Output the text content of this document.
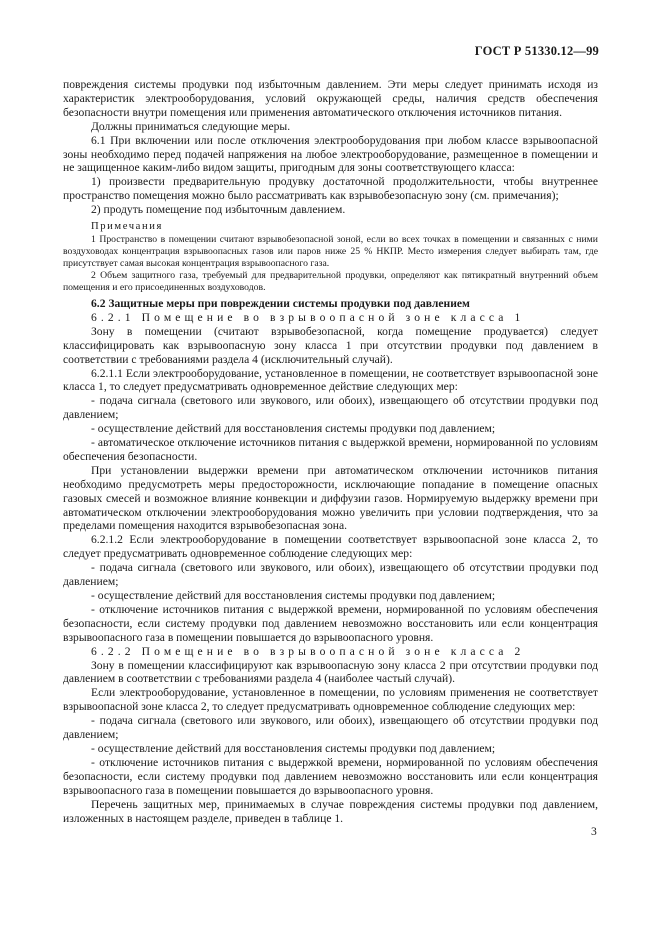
ГОСТ Р 51330.12—99

повреждения системы продувки под избыточным давлением. Эти меры следует принимать исходя из характеристик электрооборудования, условий окружающей среды, наличия средств обеспечения безопасности внутри помещения или применения автоматического отключения источников питания.

Должны приниматься следующие меры.

6.1 При включении или после отключения электрооборудования при любом классе взрывоопасной зоны необходимо перед подачей напряжения на любое электрооборудование, размещенное в помещении и не защищенное каким-либо видом защиты, пригодным для зоны соответствующего класса:

1) произвести предварительную продувку достаточной продолжительности, чтобы внутреннее пространство помещения можно было рассматривать как взрывобезопасную зону (см. примечания);

2) продуть помещение под избыточным давлением.

Примечания

1 Пространство в помещении считают взрывобезопасной зоной, если во всех точках в помещении и связанных с ними воздуховодах концентрация взрывоопасных газов или паров ниже 25 % НКПР. Место измерения следует выбирать там, где присутствует самая высокая концентрация взрывоопасного газа.

2 Объем защитного газа, требуемый для предварительной продувки, определяют как пятикратный внутренний объем помещения и его присоединенных воздуховодов.

6.2 Защитные меры при повреждении системы продувки под давлением

6.2.1 Помещение во взрывоопасной зоне класса 1

Зону в помещении (считают взрывобезопасной, когда помещение продувается) следует классифицировать как взрывоопасную зону класса 1 при отсутствии продувки под давлением в соответствии с требованиями раздела 4 (исключительный случай).

6.2.1.1 Если электрооборудование, установленное в помещении, не соответствует взрывоопасной зоне класса 1, то следует предусматривать одновременное действие следующих мер:

- подача сигнала (светового или звукового, или обоих), извещающего об отсутствии продувки под давлением;

- осуществление действий для восстановления системы продувки под давлением;

- автоматическое отключение источников питания с выдержкой времени, нормированной по условиям обеспечения безопасности.

При установлении выдержки времени при автоматическом отключении источников питания необходимо предусмотреть меры предосторожности, исключающие попадание в помещение опасных газовых смесей и возможное влияние конвекции и диффузии газов. Нормируемую выдержку времени при автоматическом отключении электрооборудования можно увеличить при условии подтверждения, что за пределами помещения находится взрывобезопасная зона.

6.2.1.2 Если электрооборудование в помещении соответствует взрывоопасной зоне класса 2, то следует предусматривать одновременное соблюдение следующих мер:

- подача сигнала (светового или звукового, или обоих), извещающего об отсутствии продувки под давлением;

- осуществление действий для восстановления системы продувки под давлением;

- отключение источников питания с выдержкой времени, нормированной по условиям обеспечения безопасности, если систему продувки под давлением невозможно восстановить или если концентрация взрывоопасного газа в помещении повышается до взрывоопасного уровня.

6.2.2 Помещение во взрывоопасной зоне класса 2

Зону в помещении классифицируют как взрывоопасную зону класса 2 при отсутствии продувки под давлением в соответствии с требованиями раздела 4 (наиболее частый случай).

Если электрооборудование, установленное в помещении, по условиям применения не соответствует взрывоопасной зоне класса 2, то следует предусматривать одновременное соблюдение следующих мер:

- подача сигнала (светового или звукового, или обоих), извещающего об отсутствии продувки под давлением;

- осуществление действий для восстановления системы продувки под давлением;

- отключение источников питания с выдержкой времени, нормированной по условиям обеспечения безопасности, если систему продувки под давлением невозможно восстановить или если концентрация взрывоопасного газа в помещении повышается до взрывоопасного уровня.

Перечень защитных мер, принимаемых в случае повреждения системы продувки под давлением, изложенных в настоящем разделе, приведен в таблице 1.

3
